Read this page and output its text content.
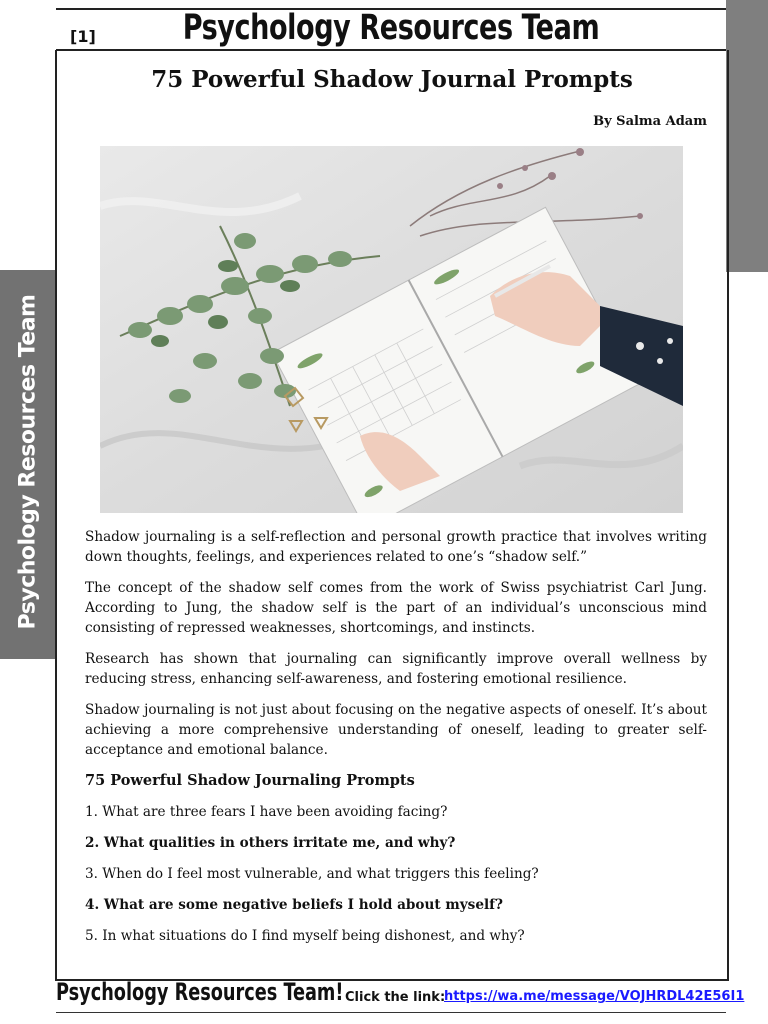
[1]	Psychology Resources Team
Psychology Resources Team
75 Powerful Shadow Journal Prompts
By Salma Adam

Shadow journaling is a self-reflection and personal growth practice that involves writing down thoughts, feelings, and experiences related to one’s “shadow self.”

The concept of the shadow self comes from the work of Swiss psychiatrist Carl Jung. According to Jung, the shadow self is the part of an individual’s unconscious mind consisting of repressed weaknesses, shortcomings, and instincts.

Research has shown that journaling can significantly improve overall wellness by reducing stress, enhancing self-awareness, and fostering emotional resilience.

Shadow journaling is not just about focusing on the negative aspects of oneself. It’s about achieving a more comprehensive understanding of oneself, leading to greater self-acceptance and emotional balance.

75 Powerful Shadow Journaling Prompts

1. What are three fears I have been avoiding facing?

2. What qualities in others irritate me, and why?

3. When do I feel most vulnerable, and what triggers this feeling?

4. What are some negative beliefs I hold about myself?

5. In what situations do I find myself being dishonest, and why?

Psychology Resources Team! Click the link:
https://wa.me/message/VOJHRDL42E56I1
